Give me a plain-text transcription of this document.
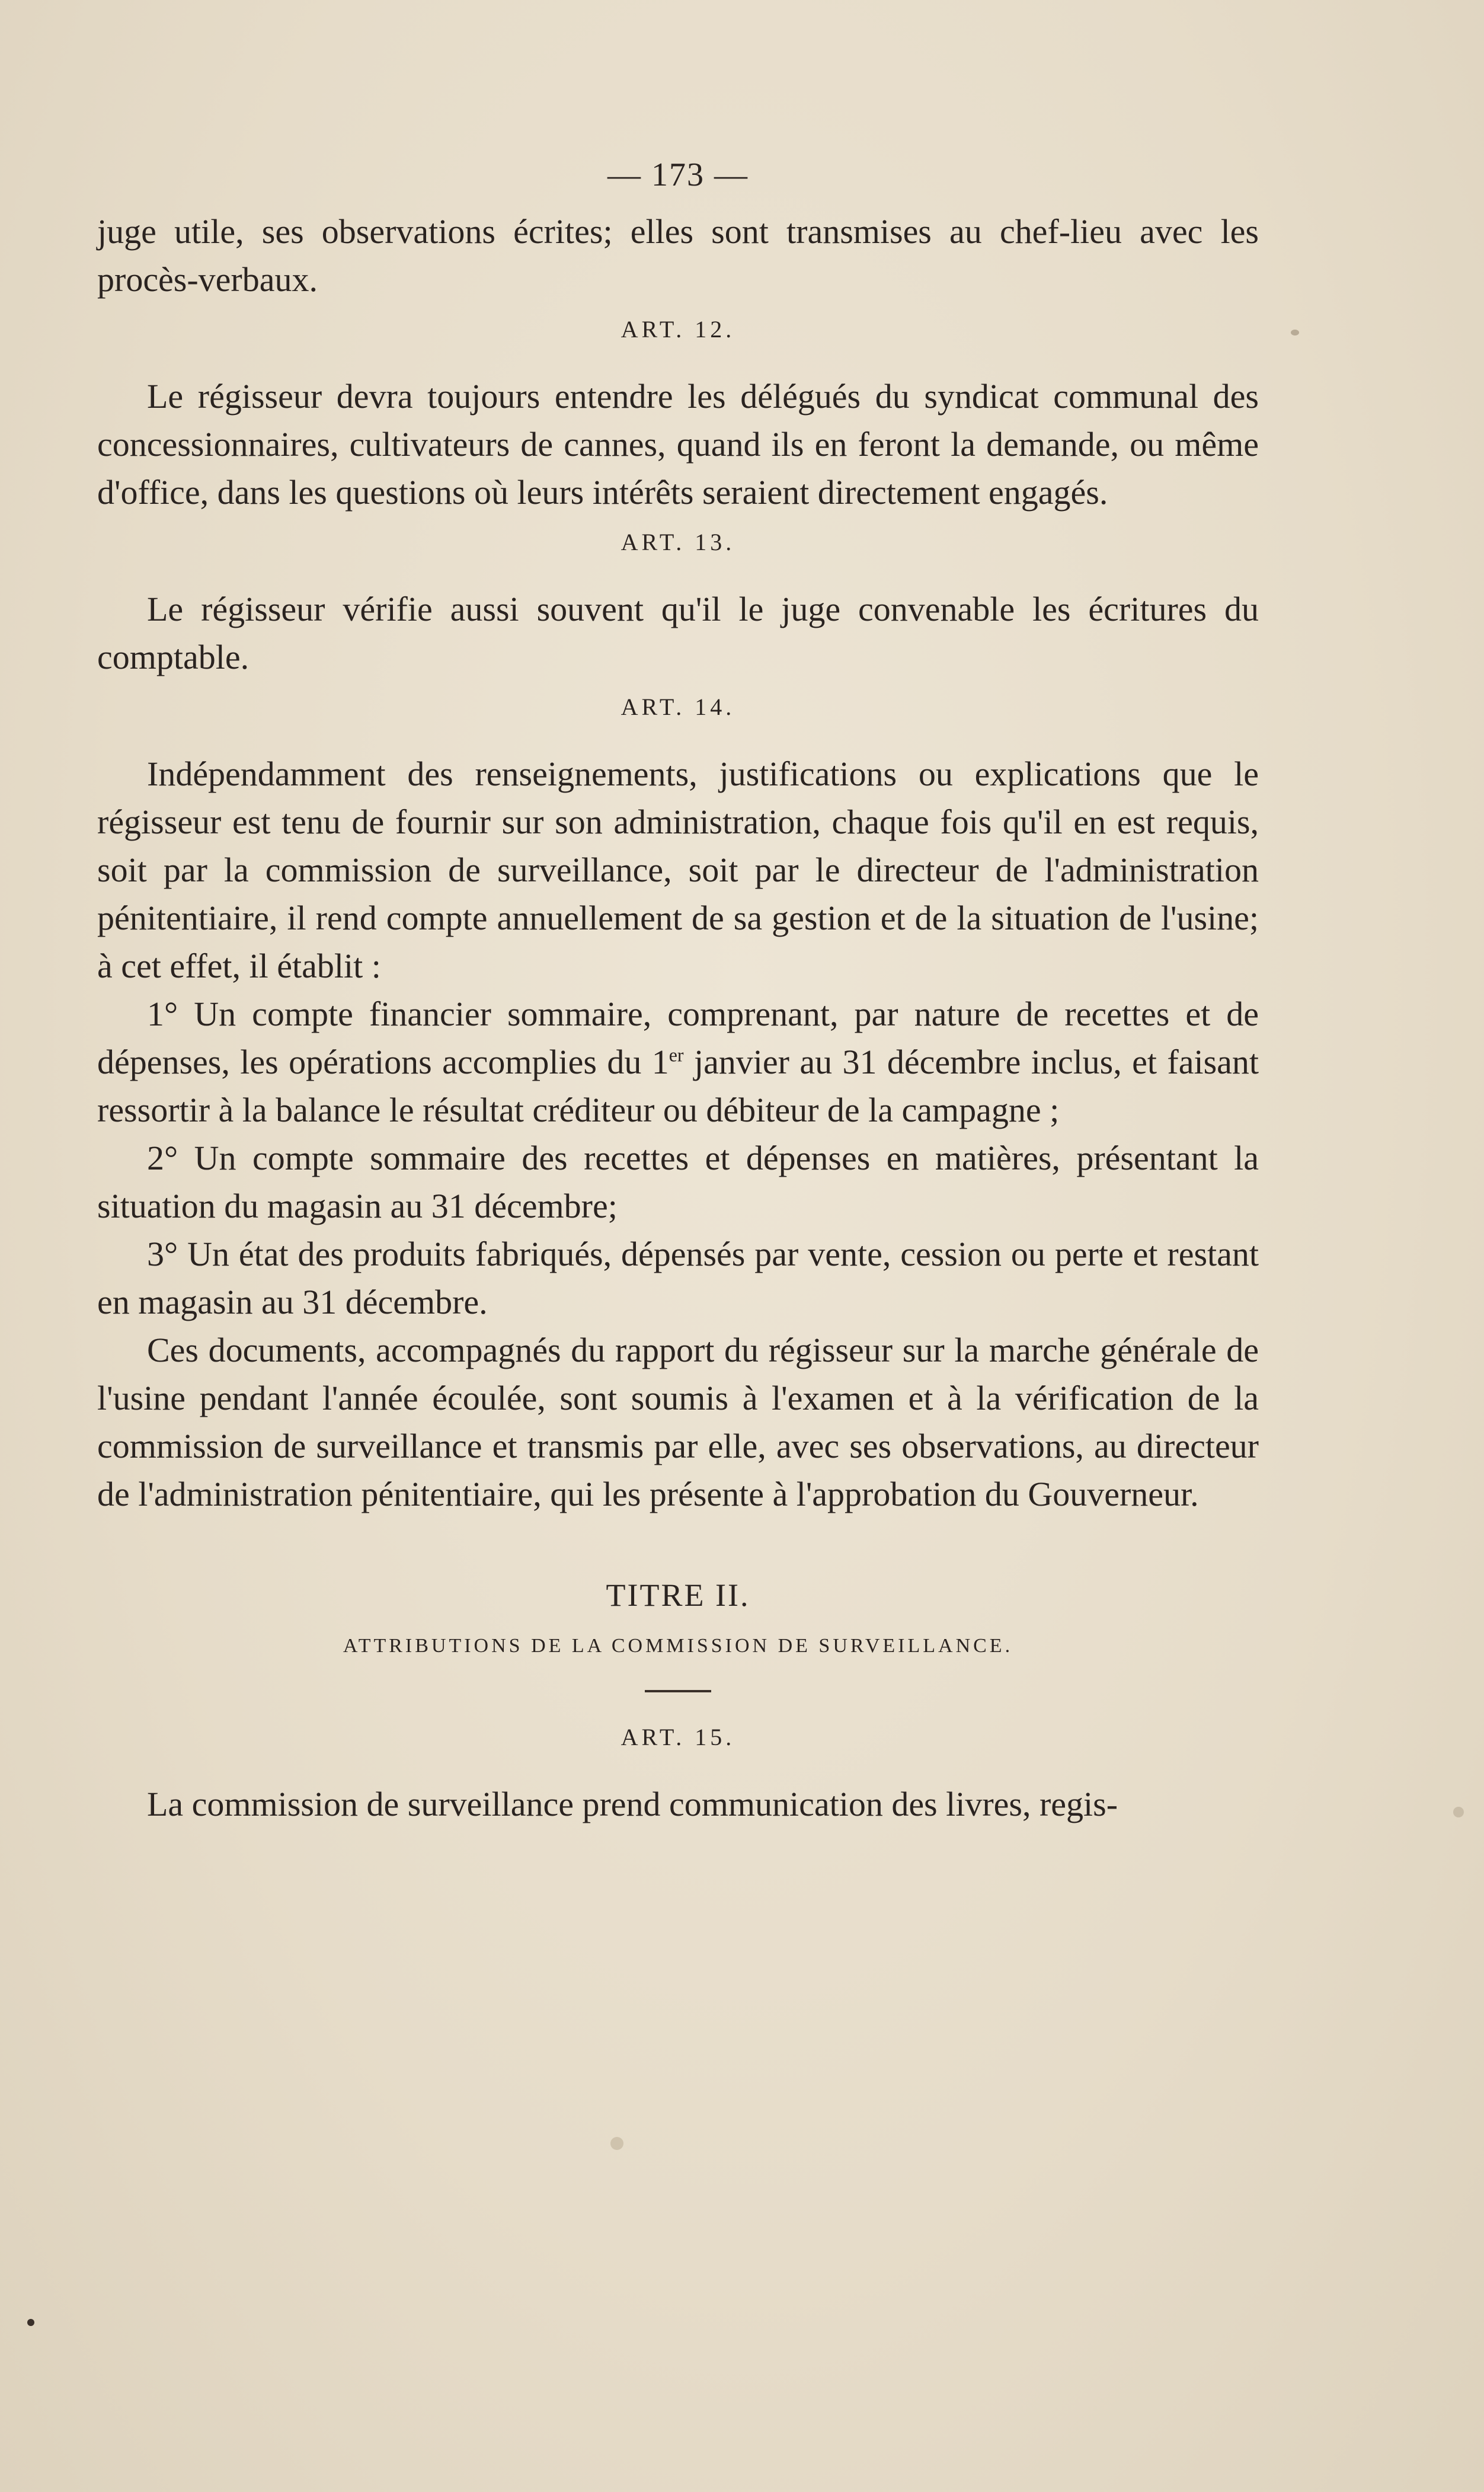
— 173 —

juge utile, ses observations écrites; elles sont transmises au chef-lieu avec les procès-verbaux.

ART. 12.

Le régisseur devra toujours entendre les délégués du syndicat communal des concessionnaires, cultivateurs de cannes, quand ils en feront la demande, ou même d'office, dans les questions où leurs intérêts seraient directement engagés.

ART. 13.

Le régisseur vérifie aussi souvent qu'il le juge convenable les écritures du comptable.

ART. 14.

Indépendamment des renseignements, justifications ou explications que le régisseur est tenu de fournir sur son administration, chaque fois qu'il en est requis, soit par la commission de surveillance, soit par le directeur de l'administration pénitentiaire, il rend compte annuellement de sa gestion et de la situation de l'usine; à cet effet, il établit :

1° Un compte financier sommaire, comprenant, par nature de recettes et de dépenses, les opérations accomplies du 1er janvier au 31 décembre inclus, et faisant ressortir à la balance le résultat créditeur ou débiteur de la campagne ;

2° Un compte sommaire des recettes et dépenses en matières, présentant la situation du magasin au 31 décembre;

3° Un état des produits fabriqués, dépensés par vente, cession ou perte et restant en magasin au 31 décembre.

Ces documents, accompagnés du rapport du régisseur sur la marche générale de l'usine pendant l'année écoulée, sont soumis à l'examen et à la vérification de la commission de surveillance et transmis par elle, avec ses observations, au directeur de l'administration pénitentiaire, qui les présente à l'approbation du Gouverneur.

TITRE II.
ATTRIBUTIONS DE LA COMMISSION DE SURVEILLANCE.
ART. 15.

La commission de surveillance prend communication des livres, regis-
